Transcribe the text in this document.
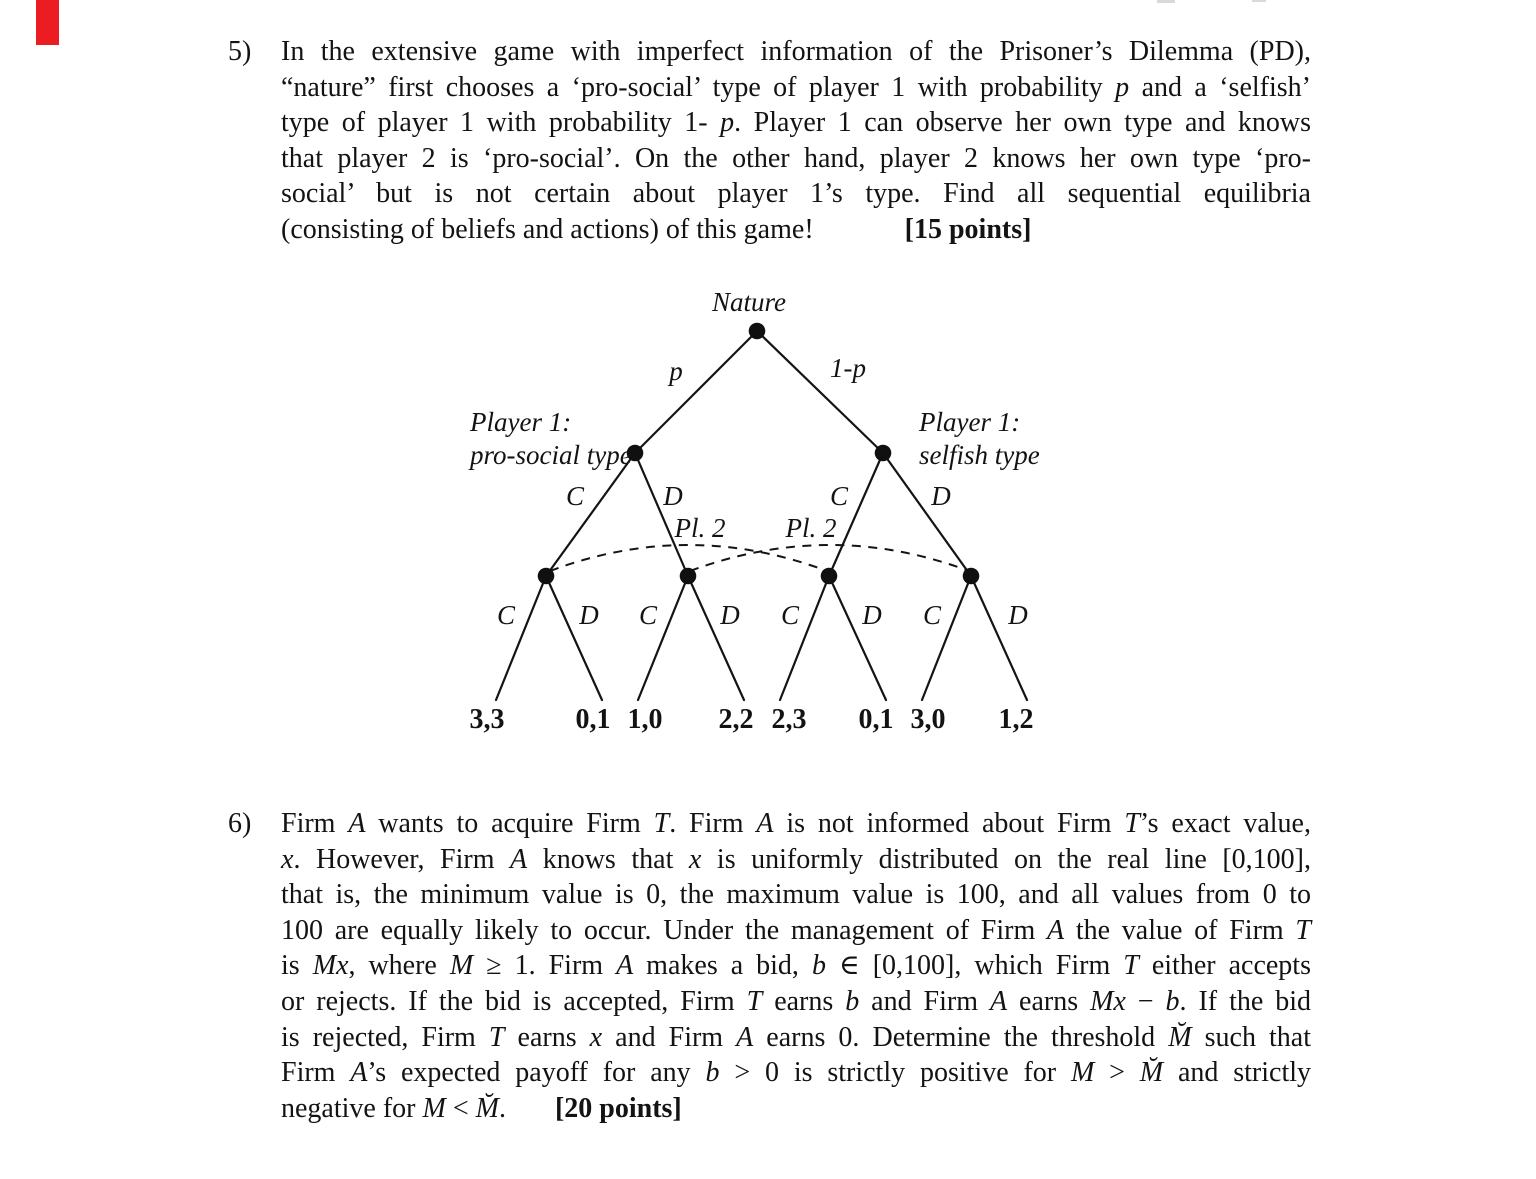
5) In the extensive game with imperfect information of the Prisoner’s Dilemma (PD),
“nature” first chooses a ‘pro-social’ type of player 1 with probability p and a ‘selfish’
type of player 1 with probability 1- p. Player 1 can observe her own type and knows
that player 2 is ‘pro-social’. On the other hand, player 2 knows her own type ‘pro-
social’ but is not certain about player 1’s type. Find all sequential equilibria
(consisting of beliefs and actions) of this game!	[15 points]
Nature
p	1-p
Player 1:
pro-social type
Player 1:
selfish type
C	D	C	D
Pl. 2 Pl. 2
C D C D C D C D
3,3	0,1 1,0 2,2 2,3 0,1 3,0 1,2
6) Firm A wants to acquire Firm T. Firm A is not informed about Firm T’s exact value,
x. However, Firm A knows that x is uniformly distributed on the real line [0,100],
that is, the minimum value is 0, the maximum value is 100, and all values from 0 to
100 are equally likely to occur. Under the management of Firm A the value of Firm T
is Mx, where M ≥ 1. Firm A makes a bid, b ∈ [0,100], which Firm T either accepts
or rejects. If the bid is accepted, Firm T earns b and Firm A earns Mx − b. If the bid
is rejected, Firm T earns x and Firm A earns 0. Determine the threshold M̆ such that
Firm A’s expected payoff for any b > 0 is strictly positive for M > M̆ and strictly
negative for M < M̆. [20 points]
